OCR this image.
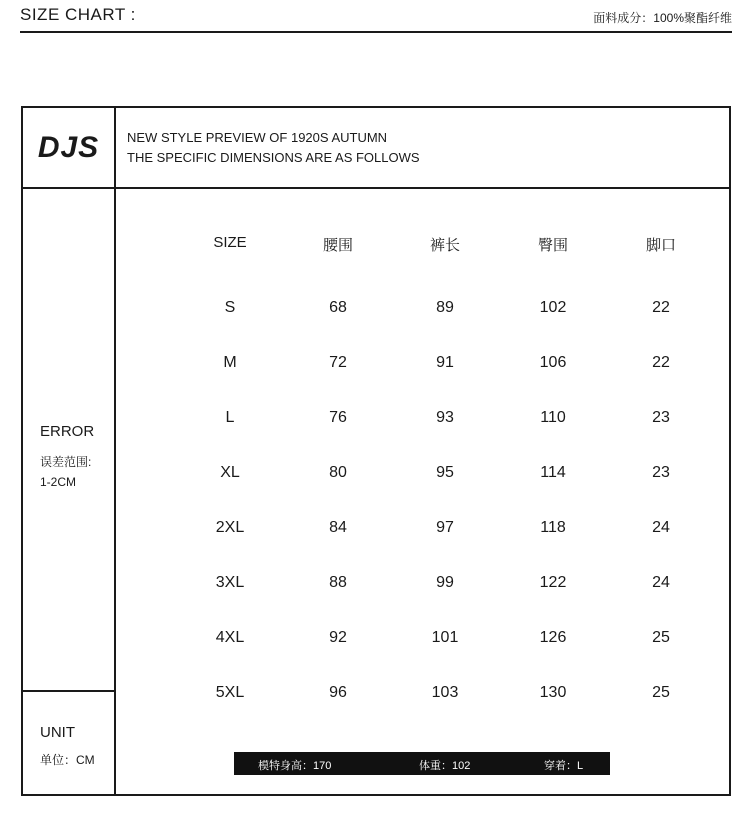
SIZE CHART :	面料成分：100%聚酯纤维
DJS	NEW STYLE PREVIEW OF 1920S AUTUMN
THE SPECIFIC DIMENSIONS ARE AS FOLLOWS
ERROR
误差范围:
1-2CM
UNIT
单位：CM
SIZE	腰围	裤长	臀围	脚口
S	68	89	102	22
M	72	91	106	22
L	76	93	110	23
XL	80	95	114	23
2XL	84	97	118	24
3XL	88	99	122	24
4XL	92	101	126	25
5XL	96	103	130	25
模特身高：170	体重：102	穿着：L
